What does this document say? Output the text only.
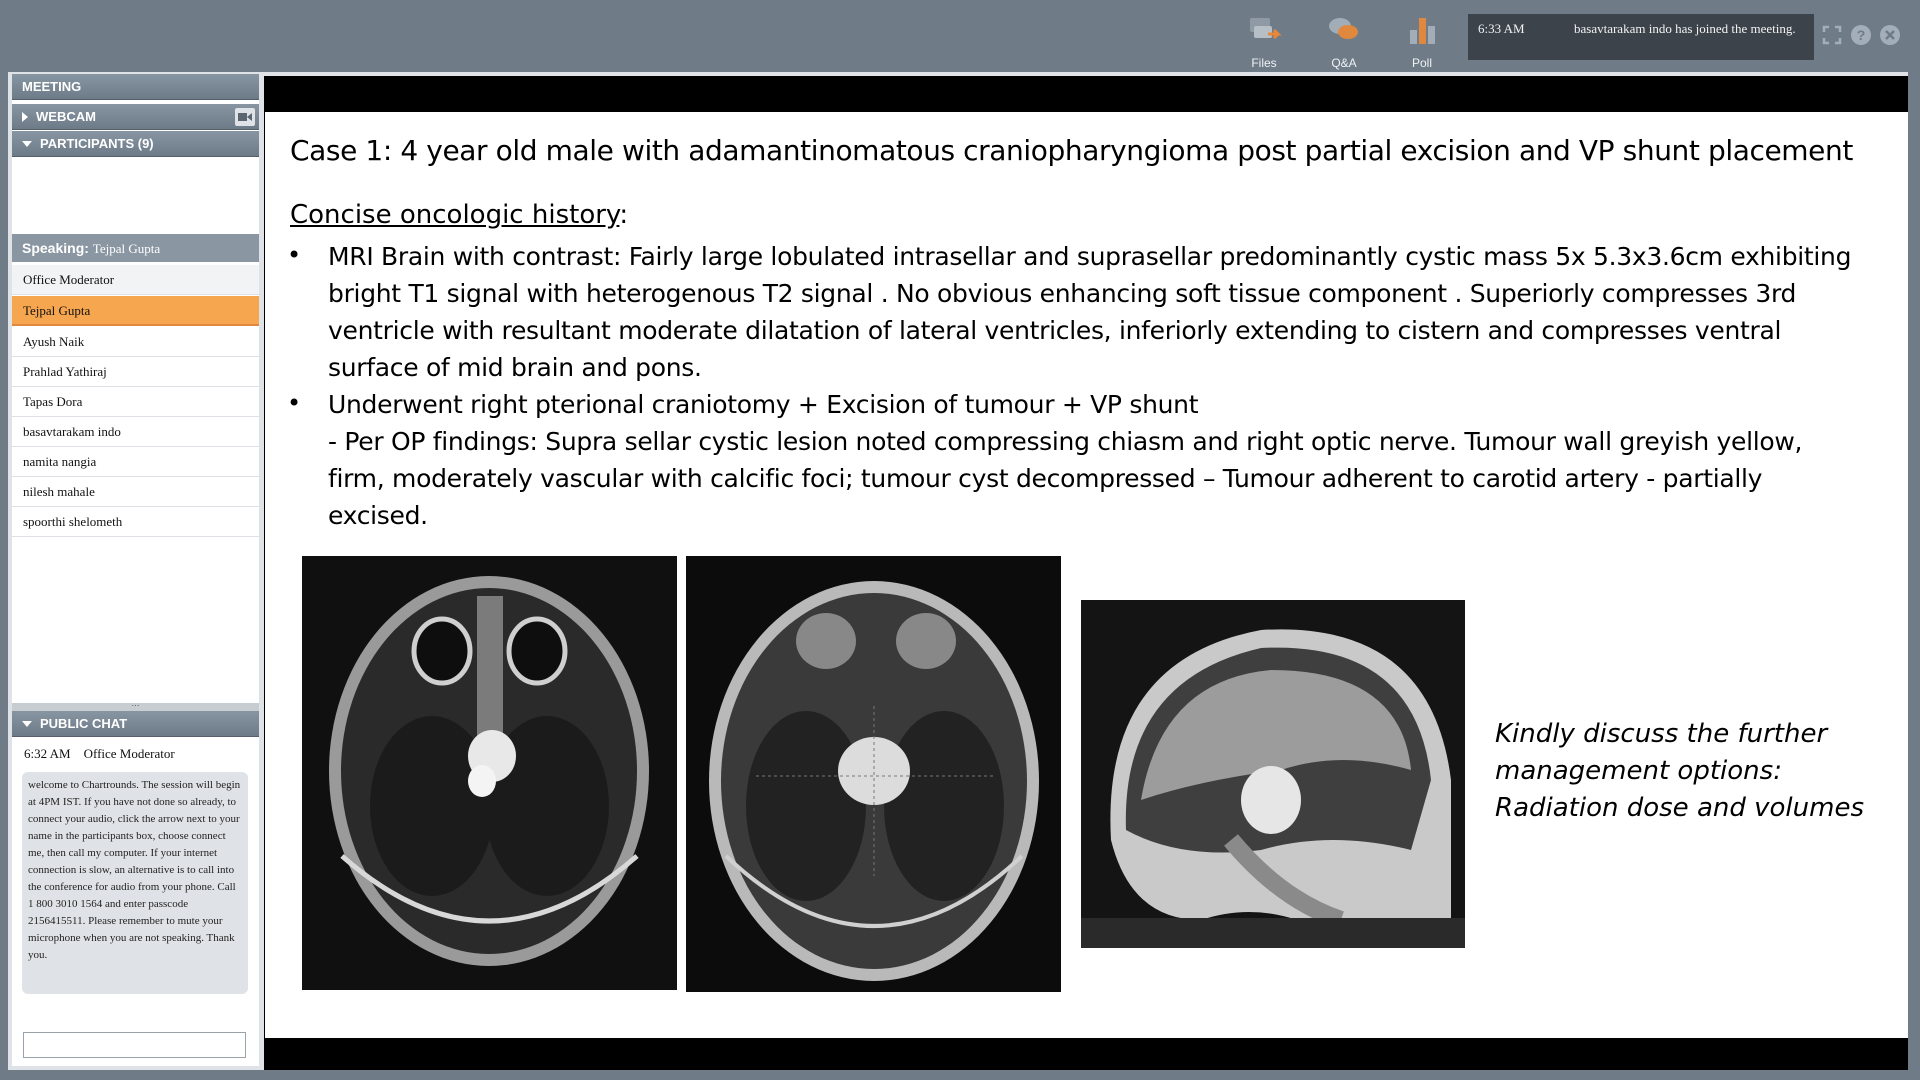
Files	Q&A	Poll
6:33 AM	basavtarakam indo has joined the meeting.	?
MEETING
WEBCAM
PARTICIPANTS (9)
Speaking: Tejpal Gupta
Office Moderator
Tejpal Gupta
Ayush Naik
Prahlad Yathiraj
Tapas Dora
basavtarakam indo
namita nangia
nilesh mahale
spoorthi shelometh
⋯
PUBLIC CHAT
6:32 AM Office Moderator
welcome to Chartrounds. The session will begin at 4PM IST. If you have not done so already, to connect your audio, click the arrow next to your name in the participants box, choose connect me, then call my computer. If your internet connection is slow, an alternative is to call into the conference for audio from your phone. Call 1 800 3010 1564 and enter passcode 2156415511. Please remember to mute your microphone when you are not speaking. Thank you.
Case 1: 4 year old male with adamantinomatous craniopharyngioma post partial excision and VP shunt placement
Concise oncologic history:
• MRI Brain with contrast: Fairly large lobulated intrasellar and suprasellar predominantly cystic mass 5x 5.3x3.6cm exhibiting bright T1 signal with heterogenous T2 signal . No obvious enhancing soft tissue component . Superiorly compresses 3rd ventricle with resultant moderate dilatation of lateral ventricles, inferiorly extending to cistern and compresses ventral surface of mid brain and pons.
• Underwent right pterional craniotomy + Excision of tumour + VP shunt
- Per OP findings: Supra sellar cystic lesion noted compressing chiasm and right optic nerve. Tumour wall greyish yellow, firm, moderately vascular with calcific foci; tumour cyst decompressed – Tumour adherent to carotid artery - partially excised.
Kindly discuss the further
management options:
Radiation dose and volumes
